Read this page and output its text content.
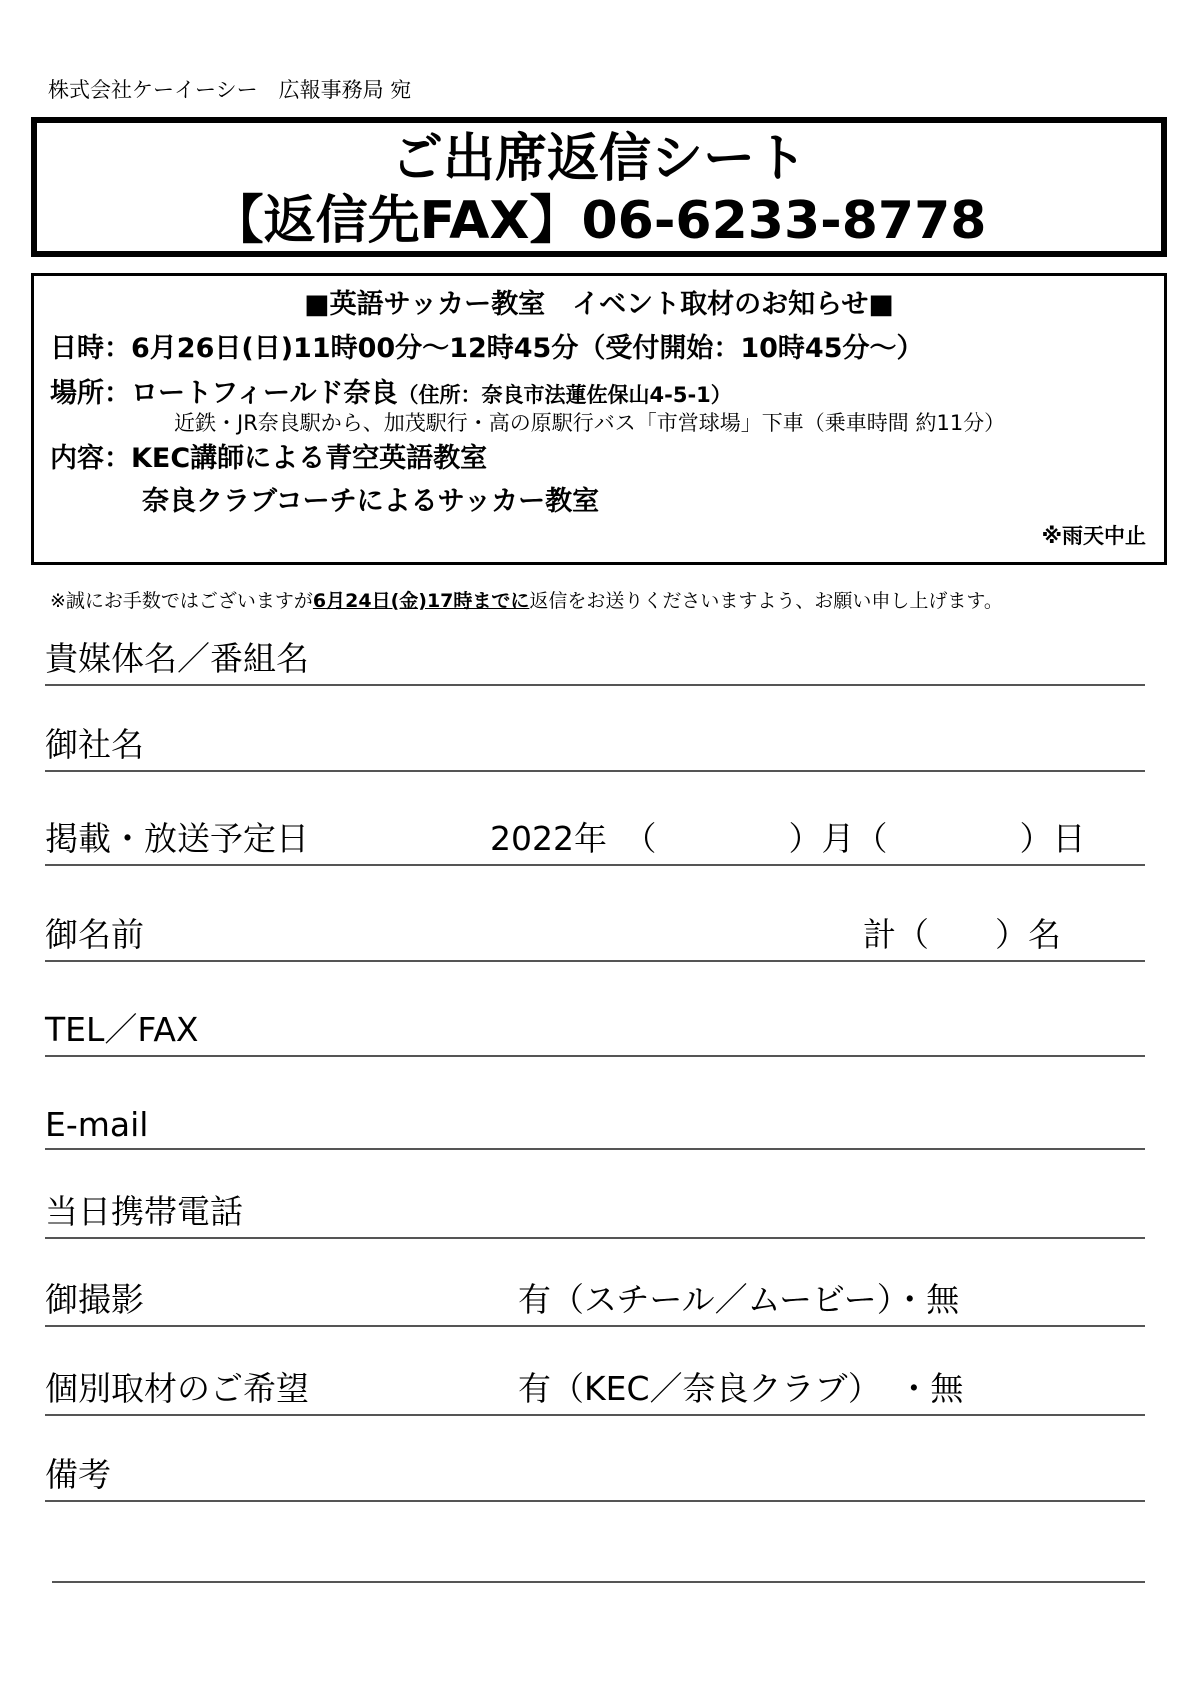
株式会社ケーイーシー　広報事務局 宛
ご出席返信シート
【返信先FAX】06-6233-8778
■英語サッカー教室　イベント取材のお知らせ■
日時：6月26日(日)11時00分～12時45分（受付開始：10時45分～）
場所：ロートフィールド奈良（住所：奈良市法蓮佐保山4-5-1）
近鉄・JR奈良駅から、加茂駅行・高の原駅行バス「市営球場」下車（乗車時間 約11分）
内容：KEC講師による青空英語教室
奈良クラブコーチによるサッカー教室
※雨天中止
※誠にお手数ではございますが6月24日(金)17時までに返信をお送りくださいますよう、お願い申し上げます。
貴媒体名／番組名
御社名
掲載・放送予定日	2022年　（　　　　）月（　　　　）日
御名前	計（　　）名
TEL／FAX
E-mail
当日携帯電話
御撮影	有（スチール／ムービー）・無
個別取材のご希望	有（KEC／奈良クラブ）　・無
備考
